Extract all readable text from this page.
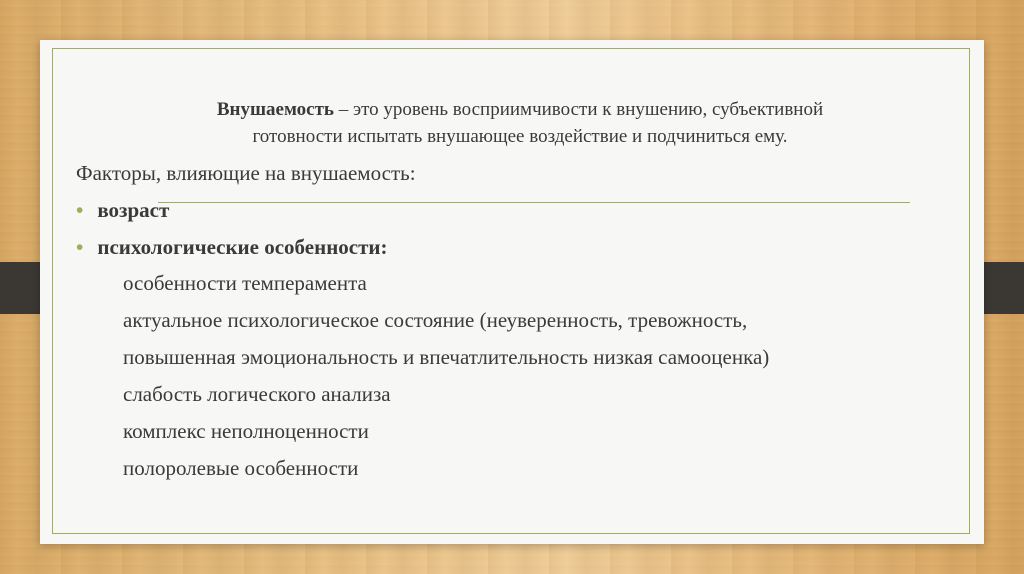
Внушаемость – это уровень восприимчивости к внушению, субъективной
готовности испытать внушающее воздействие и подчиниться ему.
Факторы, влияющие на внушаемость:
• возраст
• психологические особенности:
особенности темперамента
актуальное психологическое состояние (неуверенность, тревожность,
повышенная эмоциональность и впечатлительность низкая самооценка)
слабость логического анализа
комплекс неполноценности
полоролевые особенности
